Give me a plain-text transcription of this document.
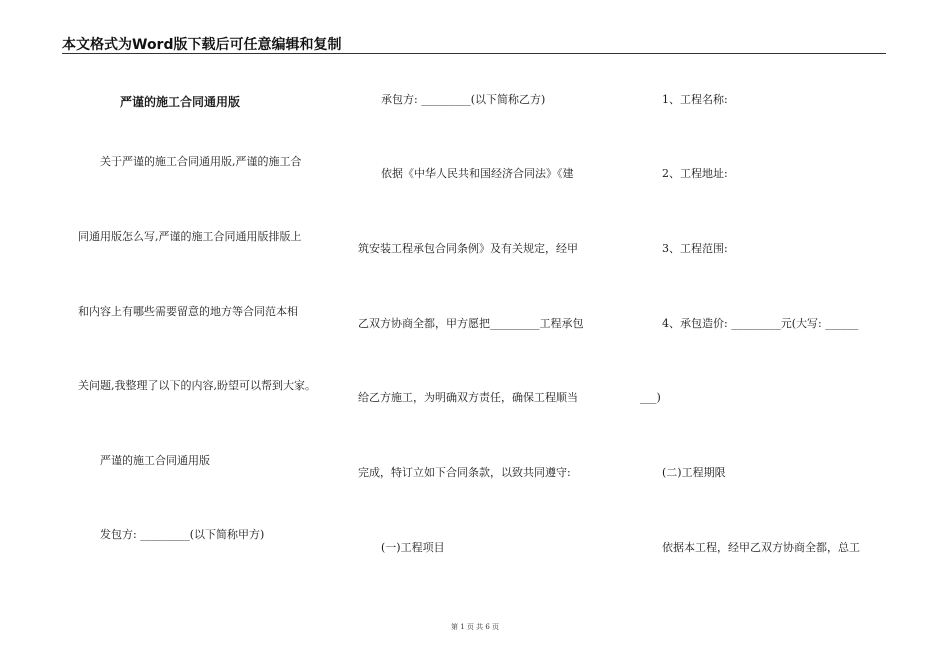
本文格式为Word版下载后可任意编辑和复制
严谨的施工合同通用版
关于严谨的施工合同通用版,严谨的施工合
同通用版怎么写,严谨的施工合同通用版排版上
和内容上有哪些需要留意的地方等合同范本相
关问题,我整理了以下的内容,盼望可以帮到大家。
严谨的施工合同通用版
发包方: _________(以下简称甲方)
承包方: _________(以下简称乙方)
依据《中华人民共和国经济合同法》《建
筑安装工程承包合同条例》及有关规定，经甲
乙双方协商全都，甲方愿把_________工程承包
给乙方施工，为明确双方责任，确保工程顺当
完成，特订立如下合同条款，以致共同遵守:
(一)工程项目
1、工程名称:
2、工程地址:
3、工程范围:
4、承包造价: _________元(大写: ______
___)
(二)工程期限
依据本工程，经甲乙双方协商全都，总工
第 1 页 共 6 页
